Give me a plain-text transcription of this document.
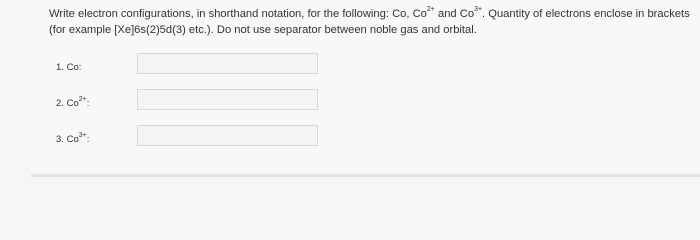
Write electron configurations, in shorthand notation, for the following: Co, $Co^{2+}$ and $Co^{3+}$. Quantity of electrons enclose in brackets

(for example [Xe]6s(2)5d(3) etc.). Do not use separator between noble gas and orbital.

1. Co:
2. $Co^{2+}$:
3. $Co^{3+}$:
